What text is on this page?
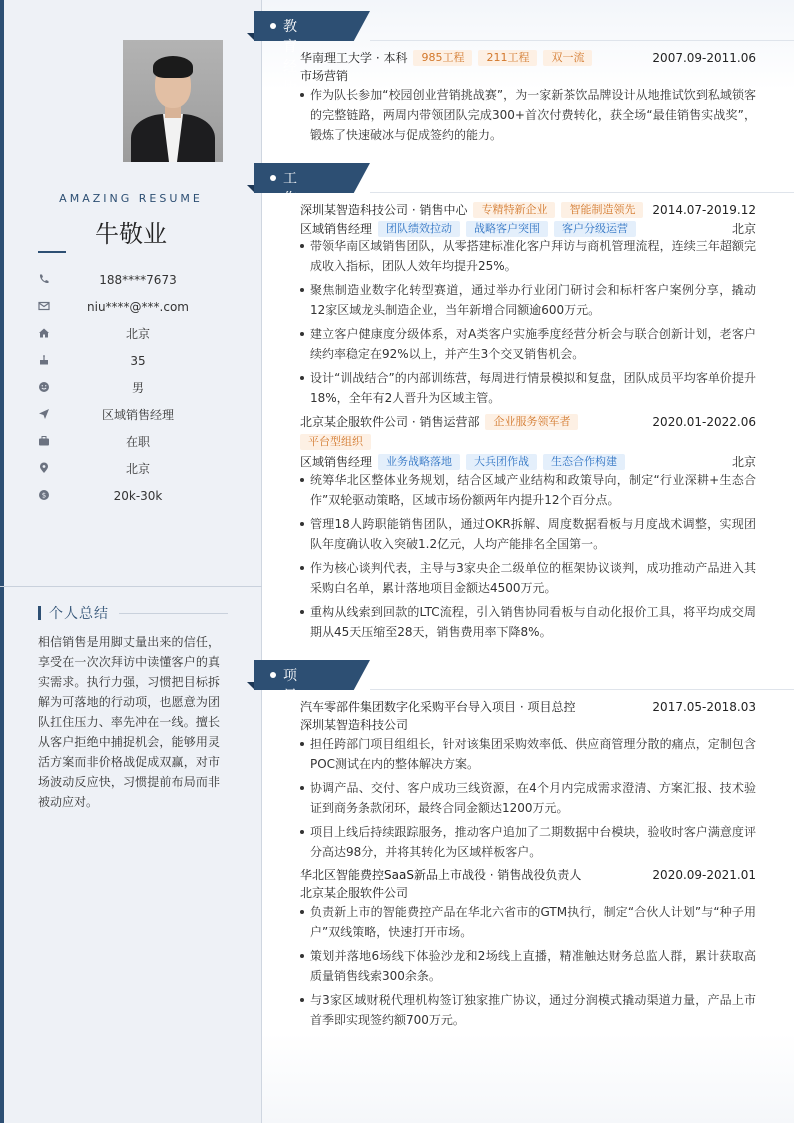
AMAZING RESUME
牛敬业
188****7673
niu****@***.com
北京
35
男
区域销售经理
在职
北京
$	20k-30k
个人总结
相信销售是用脚丈量出来的信任，享受在一次次拜访中读懂客户的真实需求。执行力强，习惯把目标拆解为可落地的行动项，也愿意为团队扛住压力、率先冲在一线。擅长从客户拒绝中捕捉机会，能够用灵活方案而非价格战促成双赢，对市场波动反应快，习惯提前布局而非被动应对。
教育经历
华南理工大学 · 本科	985工程	211工程	双一流	2007.09-2011.06
市场营销
作为队长参加“校园创业营销挑战赛”，为一家新茶饮品牌设计从地推试饮到私域锁客的完整链路，两周内带领团队完成300+首次付费转化，获全场“最佳销售实战奖”，锻炼了快速破冰与促成签约的能力。
工作经历
深圳某智造科技公司 · 销售中心	专精特新企业	智能制造领先	2014.07-2019.12
区域销售经理	团队绩效拉动	战略客户突围	客户分级运营	北京
带领华南区域销售团队，从零搭建标准化客户拜访与商机管理流程，连续三年超额完成收入指标，团队人效年均提升25%。
聚焦制造业数字化转型赛道，通过举办行业闭门研讨会和标杆客户案例分享，撬动12家区域龙头制造企业，当年新增合同额逾600万元。
建立客户健康度分级体系，对A类客户实施季度经营分析会与联合创新计划，老客户续约率稳定在92%以上，并产生3个交叉销售机会。
设计“训战结合”的内部训练营，每周进行情景模拟和复盘，团队成员平均客单价提升18%，全年有2人晋升为区域主管。
北京某企服软件公司 · 销售运营部	企业服务领军者	2020.01-2022.06
平台型组织
区域销售经理	业务战略落地	大兵团作战	生态合作构建	北京
统筹华北区整体业务规划，结合区域产业结构和政策导向，制定“行业深耕+生态合作”双轮驱动策略，区域市场份额两年内提升12个百分点。
管理18人跨职能销售团队，通过OKR拆解、周度数据看板与月度战术调整，实现团队年度确认收入突破1.2亿元，人均产能排名全国第一。
作为核心谈判代表，主导与3家央企二级单位的框架协议谈判，成功推动产品进入其采购白名单，累计落地项目金额达4500万元。
重构从线索到回款的LTC流程，引入销售协同看板与自动化报价工具，将平均成交周期从45天压缩至28天，销售费用率下降8%。
项目经历
汽车零部件集团数字化采购平台导入项目 · 项目总控	2017.05-2018.03
深圳某智造科技公司
担任跨部门项目组组长，针对该集团采购效率低、供应商管理分散的痛点，定制包含POC测试在内的整体解决方案。
协调产品、交付、客户成功三线资源，在4个月内完成需求澄清、方案汇报、技术验证到商务条款闭环，最终合同金额达1200万元。
项目上线后持续跟踪服务，推动客户追加了二期数据中台模块，验收时客户满意度评分高达98分，并将其转化为区域样板客户。
华北区智能费控SaaS新品上市战役 · 销售战役负责人	2020.09-2021.01
北京某企服软件公司
负责新上市的智能费控产品在华北六省市的GTM执行，制定“合伙人计划”与“种子用户”双线策略，快速打开市场。
策划并落地6场线下体验沙龙和2场线上直播，精准触达财务总监人群，累计获取高质量销售线索300余条。
与3家区域财税代理机构签订独家推广协议，通过分润模式撬动渠道力量，产品上市首季即实现签约额700万元。
